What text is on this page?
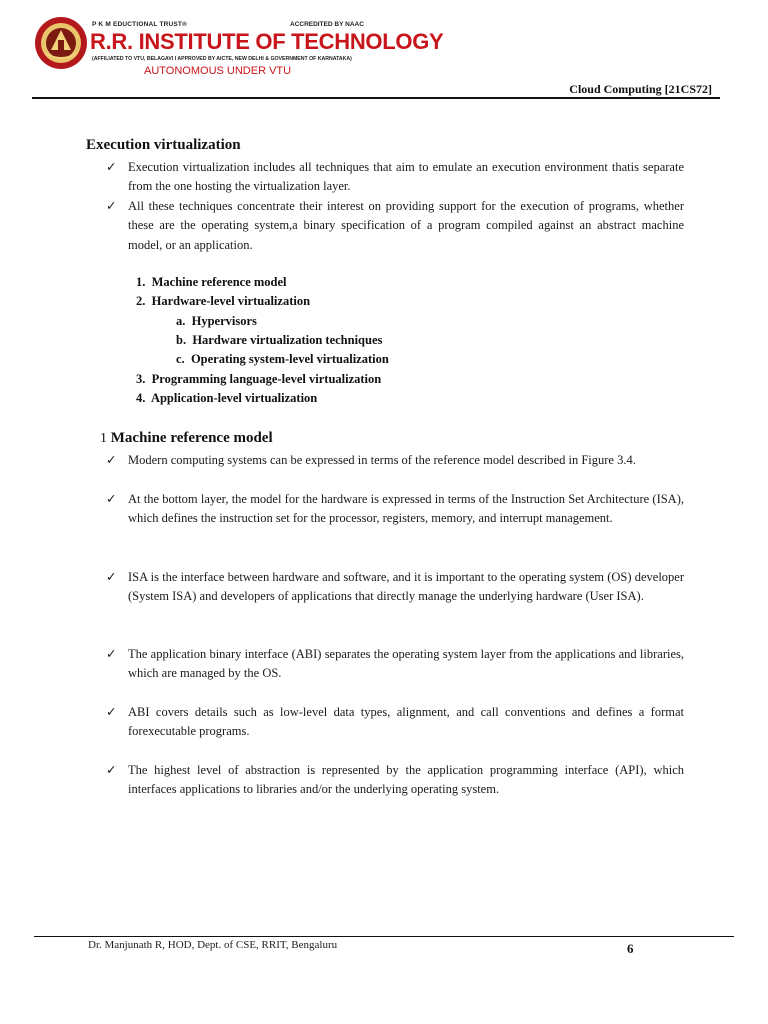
P K M EDUCTIONAL TRUST®	ACCREDITED BY NAAC
R.R. INSTITUTE OF TECHNOLOGY
(AFFILIATED TO VTU, BELAGAVI I APPROVED BY AICTE, NEW DELHI & GOVERNMENT OF KARNATAKA)
AUTONOMOUS UNDER VTU
Cloud Computing [21CS72]
Execution virtualization
✓ Execution virtualization includes all techniques that aim to emulate an execution environment thatis separate from the one hosting the virtualization layer.
✓ All these techniques concentrate their interest on providing support for the execution of programs, whether these are the operating system,a binary specification of a program compiled against an abstract machine model, or an application.
1. Machine reference model
2. Hardware-level virtualization
a. Hypervisors
b. Hardware virtualization techniques
c. Operating system-level virtualization
3. Programming language-level virtualization
4. Application-level virtualization
1 Machine reference model
✓ Modern computing systems can be expressed in terms of the reference model described in Figure 3.4.
✓ At the bottom layer, the model for the hardware is expressed in terms of the Instruction Set Architecture (ISA), which defines the instruction set for the processor, registers, memory, and interrupt management.
✓ ISA is the interface between hardware and software, and it is important to the operating system (OS) developer (System ISA) and developers of applications that directly manage the underlying hardware (User ISA).
✓ The application binary interface (ABI) separates the operating system layer from the applications and libraries, which are managed by the OS.
✓ ABI covers details such as low-level data types, alignment, and call conventions and defines a format forexecutable programs.
✓ The highest level of abstraction is represented by the application programming interface (API), which interfaces applications to libraries and/or the underlying operating system.
Dr. Manjunath R, HOD, Dept. of CSE, RRIT, Bengaluru	6
